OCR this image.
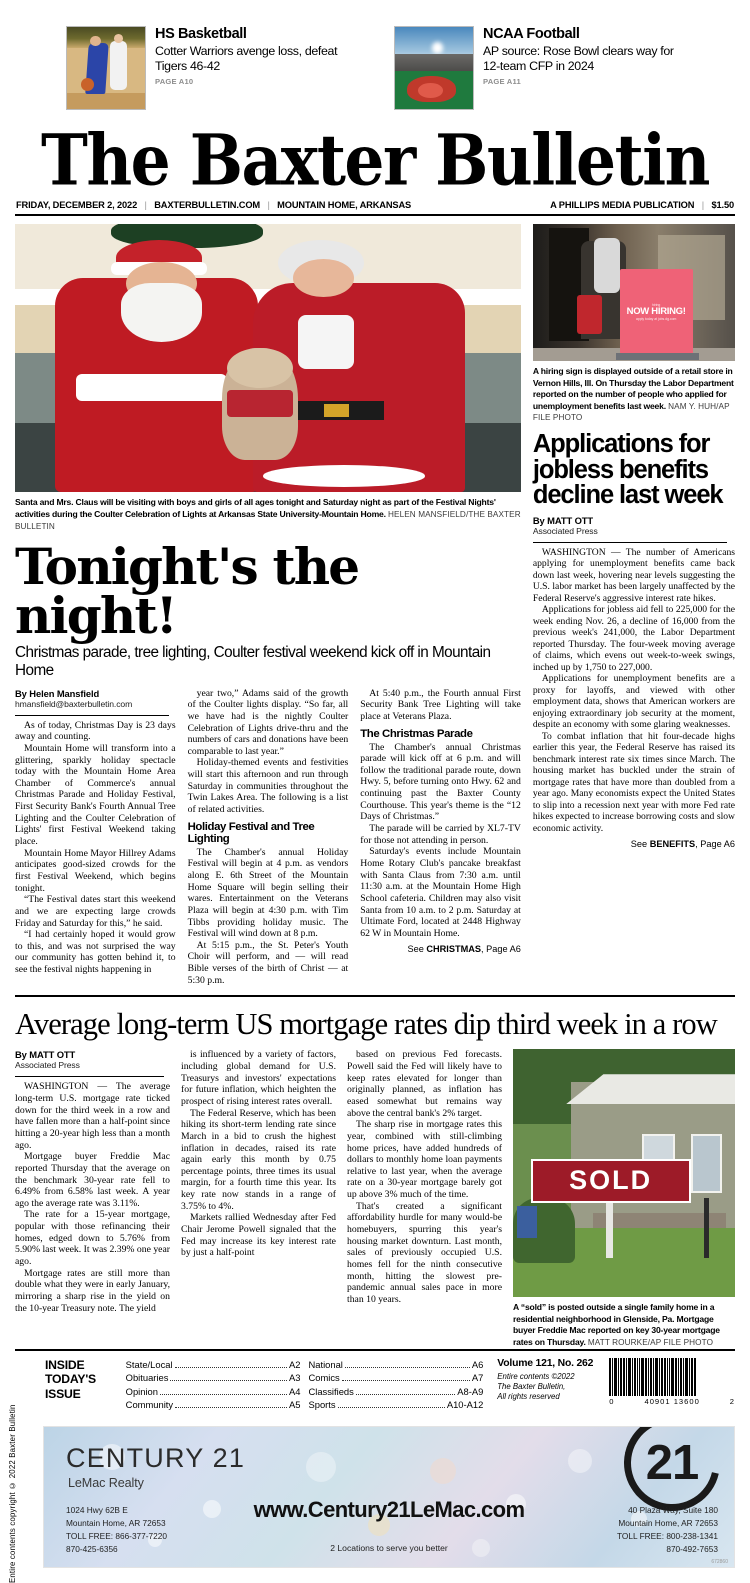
HS Basketball
Cotter Warriors avenge loss, defeat Tigers 46-42
PAGE A10
NCAA Football
AP source: Rose Bowl clears way for 12-team CFP in 2024
PAGE A11
The Baxter Bulletin
FRIDAY, DECEMBER 2, 2022 | BAXTERBULLETIN.COM | MOUNTAIN HOME, ARKANSAS	A PHILLIPS MEDIA PUBLICATION | $1.50
Santa and Mrs. Claus will be visiting with boys and girls of all ages tonight and Saturday night as part of the Festival Nights' activities during the Coulter Celebration of Lights at Arkansas State University-Mountain Home. HELEN MANSFIELD/THE BAXTER BULLETIN
Tonight's the night!
Christmas parade, tree lighting, Coulter festival weekend kick off in Mountain Home
By Helen Mansfield
hmansfield@baxterbulletin.com

As of today, Christmas Day is 23 days away and counting.

Mountain Home will transform into a glittering, sparkly holiday spectacle today with the Mountain Home Area Chamber of Commerce's annual Christmas Parade and Holiday Festival, First Security Bank's Fourth Annual Tree Lighting and the Coulter Celebration of Lights' first Festival Weekend taking place.

Mountain Home Mayor Hillrey Adams anticipates good-sized crowds for the first Festival Weekend, which begins tonight.

“The Festival dates start this weekend and we are expecting large crowds Friday and Saturday for this,” he said.

“I had certainly hoped it would grow to this, and was not surprised the way our community has gotten behind it, to see the festival nights happening in

year two,” Adams said of the growth of the Coulter lights display. “So far, all we have had is the nightly Coulter Celebration of Lights drive-thru and the numbers of cars and donations have been comparable to last year.”

Holiday-themed events and festivities will start this afternoon and run through Saturday in communities throughout the Twin Lakes Area. The following is a list of related activities.

Holiday Festival and Tree Lighting

The Chamber's annual Holiday Festival will begin at 4 p.m. as vendors along E. 6th Street of the Mountain Home Square will begin selling their wares. Entertainment on the Veterans Plaza will begin at 4:30 p.m. with Tim Tibbs providing holiday music. The Festival will wind down at 8 p.m.

At 5:15 p.m., the St. Peter's Youth Choir will perform, and — will read Bible verses of the birth of Christ — at 5:30 p.m.

At 5:40 p.m., the Fourth annual First Security Bank Tree Lighting will take place at Veterans Plaza.

The Christmas Parade

The Chamber's annual Christmas parade will kick off at 6 p.m. and will follow the traditional parade route, down Hwy. 5, before turning onto Hwy. 62 and continuing past the Baxter County Courthouse. This year's theme is the “12 Days of Christmas.”

The parade will be carried by XL7-TV for those not attending in person.

Saturday's events include Mountain Home Rotary Club's pancake breakfast with Santa Claus from 7:30 a.m. until 11:30 a.m. at the Mountain Home High School cafeteria. Children may also visit Santa from 10 a.m. to 2 p.m. Saturday at Ultimate Ford, located at 2448 Highway 62 W in Mountain Home.

See CHRISTMAS, Page A6
hiring
NOW HIRING!
apply today at jobs.dg.com
A hiring sign is displayed outside of a retail store in Vernon Hills, Ill. On Thursday the Labor Department reported on the number of people who applied for unemployment benefits last week. NAM Y. HUH/AP FILE PHOTO
Applications for jobless benefits decline last week
By MATT OTT
Associated Press

WASHINGTON — The number of Americans applying for unemployment benefits came back down last week, hovering near levels suggesting the U.S. labor market has been largely unaffected by the Federal Reserve's aggressive interest rate hikes.

Applications for jobless aid fell to 225,000 for the week ending Nov. 26, a decline of 16,000 from the previous week's 241,000, the Labor Department reported Thursday. The four-week moving average of claims, which evens out week-to-week swings, inched up by 1,750 to 227,000.

Applications for unemployment benefits are a proxy for layoffs, and viewed with other employment data, shows that American workers are enjoying extraordinary job security at the moment, despite an economy with some glaring weaknesses.

To combat inflation that hit four-decade highs earlier this year, the Federal Reserve has raised its benchmark interest rate six times since March. The housing market has buckled under the strain of mortgage rates that have more than doubled from a year ago. Many economists expect the United States to slip into a recession next year with more Fed rate hikes expected to increase borrowing costs and slow economic activity.

See BENEFITS, Page A6
Average long-term US mortgage rates dip third week in a row
By MATT OTT
Associated Press

WASHINGTON — The average long-term U.S. mortgage rate ticked down for the third week in a row and have fallen more than a half-point since hitting a 20-year high less than a month ago.

Mortgage buyer Freddie Mac reported Thursday that the average on the benchmark 30-year rate fell to 6.49% from 6.58% last week. A year ago the average rate was 3.11%.

The rate for a 15-year mortgage, popular with those refinancing their homes, edged down to 5.76% from 5.90% last week. It was 2.39% one year ago.

Mortgage rates are still more than double what they were in early January, mirroring a sharp rise in the yield on the 10-year Treasury note. The yield

is influenced by a variety of factors, including global demand for U.S. Treasurys and investors' expectations for future inflation, which heighten the prospect of rising interest rates overall.

The Federal Reserve, which has been hiking its short-term lending rate since March in a bid to crush the highest inflation in decades, raised its rate again early this month by 0.75 percentage points, three times its usual margin, for a fourth time this year. Its key rate now stands in a range of 3.75% to 4%.

Markets rallied Wednesday after Fed Chair Jerome Powell signaled that the Fed may increase its key interest rate by just a half-point

based on previous Fed forecasts. Powell said the Fed will likely have to keep rates elevated for longer than originally planned, as inflation has eased somewhat but remains way above the central bank's 2% target.

The sharp rise in mortgage rates this year, combined with still-climbing home prices, have added hundreds of dollars to monthly home loan payments relative to last year, when the average rate on a 30-year mortgage barely got up above 3% much of the time.

That's created a significant affordability hurdle for many would-be homebuyers, spurring this year's housing market downturn. Last month, sales of previously occupied U.S. homes fell for the ninth consecutive month, hitting the slowest pre-pandemic annual sales pace in more than 10 years.

SOLD
A “sold” is posted outside a single family home in a residential neighborhood in Glenside, Pa. Mortgage buyer Freddie Mac reported on key 30-year mortgage rates on Thursday. MATT ROURKE/AP FILE PHOTO
Entire contents copyright © 2022 Baxter Bulletin
INSIDE
TODAY'S
ISSUE
State/Local	A2
Obituaries	A3
Opinion	A4
Community	A5
National	A6
Comics	A7
Classifieds	A8-A9
Sports	A10-A12
Volume 121, No. 262
Entire contents ©2022
The Baxter Bulletin,
All rights reserved	0	40901 13600	2
CENTURY 21
LeMac Realty
www.Century21LeMac.com
21
1024 Hwy 62B E
Mountain Home, AR 72653
TOLL FREE: 866-377-7220
870-425-6356
40 Plaza Way, Suite 180
Mountain Home, AR 72653
TOLL FREE: 800-238-1341
870-492-7653
2 Locations to serve you better
672860
